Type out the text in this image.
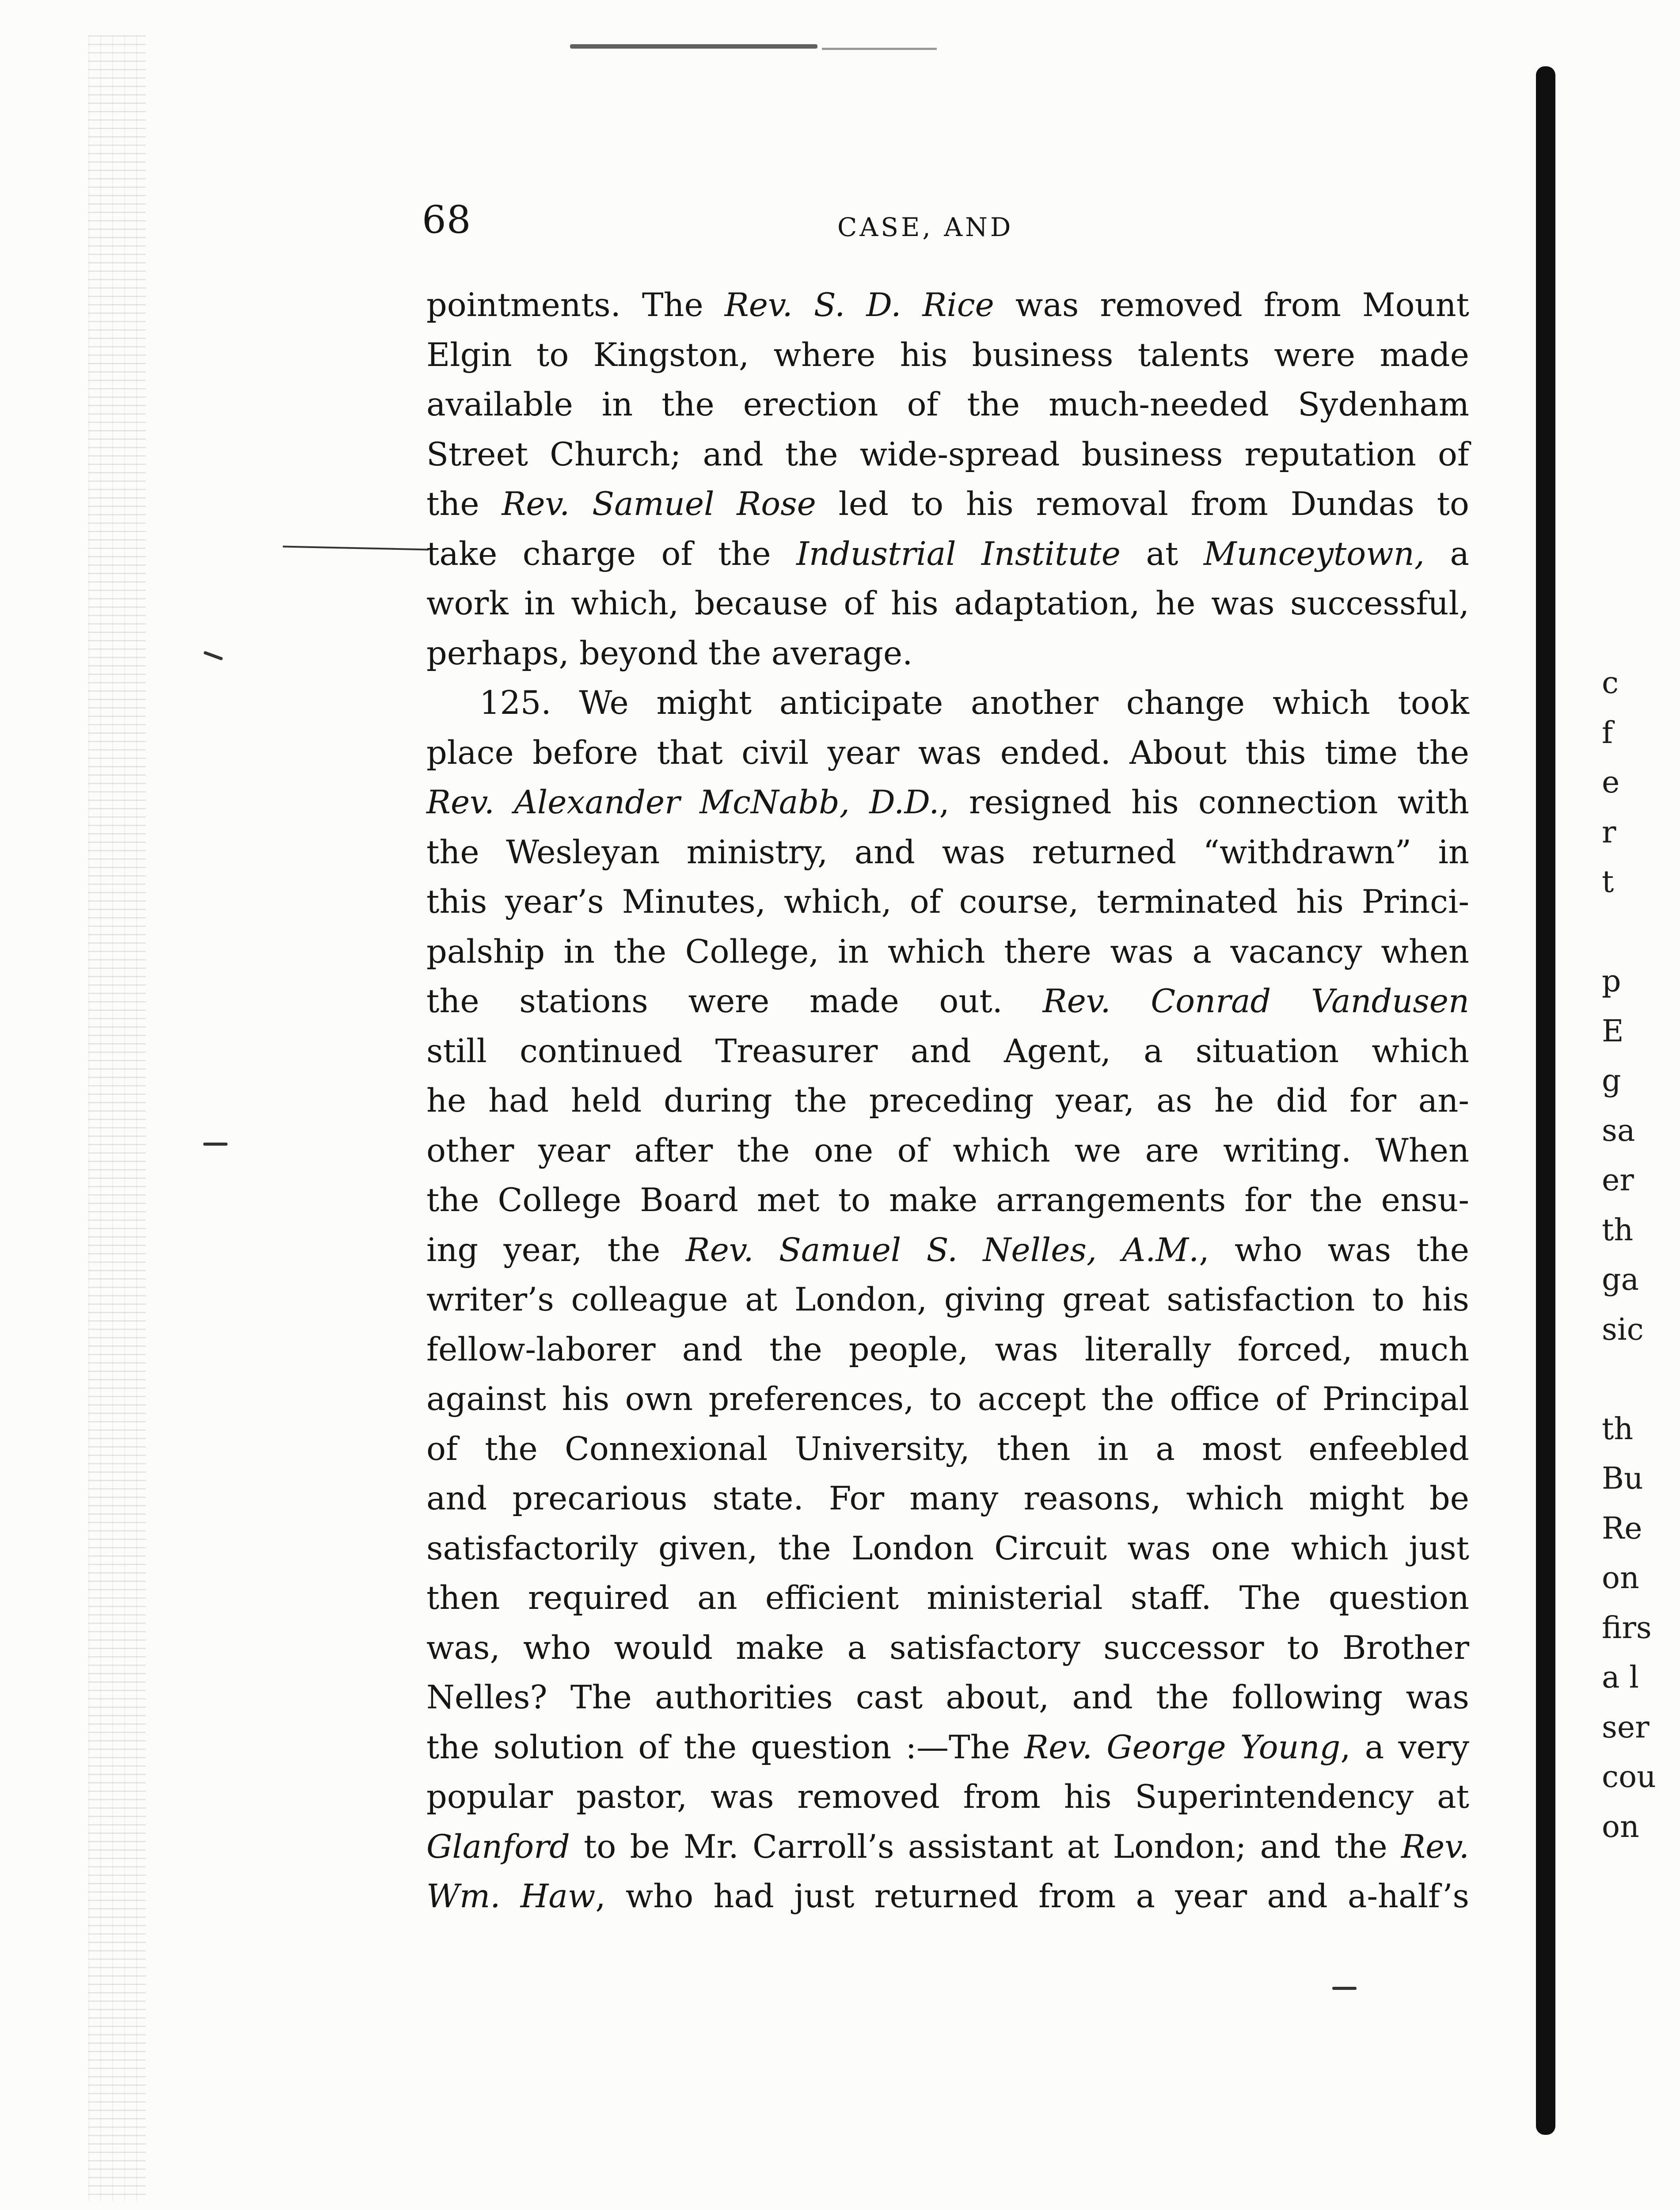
68	CASE, AND
pointments. The Rev. S. D. Rice was removed from Mount
Elgin to Kingston, where his business talents were made
available in the erection of the much-needed Sydenham
Street Church; and the wide-spread business reputation of
the Rev. Samuel Rose led to his removal from Dundas to
take charge of the Industrial Institute at Munceytown, a
work in which, because of his adaptation, he was successful,
perhaps, beyond the average.
125. We might anticipate another change which took
place before that civil year was ended. About this time the
Rev. Alexander McNabb, D.D., resigned his connection with
the Wesleyan ministry, and was returned “withdrawn” in
this year’s Minutes, which, of course, terminated his Princi-
palship in the College, in which there was a vacancy when
the stations were made out. Rev. Conrad Vandusen
still continued Treasurer and Agent, a situation which
he had held during the preceding year, as he did for an-
other year after the one of which we are writing. When
the College Board met to make arrangements for the ensu-
ing year, the Rev. Samuel S. Nelles, A.M., who was the
writer’s colleague at London, giving great satisfaction to his
fellow-laborer and the people, was literally forced, much
against his own preferences, to accept the office of Principal
of the Connexional University, then in a most enfeebled
and precarious state. For many reasons, which might be
satisfactorily given, the London Circuit was one which just
then required an efficient ministerial staff. The question
was, who would make a satisfactory successor to Brother
Nelles? The authorities cast about, and the following was
the solution of the question :—The Rev. George Young, a very
popular pastor, was removed from his Superintendency at
Glanford to be Mr. Carroll’s assistant at London; and the Rev.
Wm. Haw, who had just returned from a year and a-half’s
c
f
e
r
t
p
E
g
sa
er
th
ga
sic
th
Bu
Re
on
firs
a l
ser
cou
on
